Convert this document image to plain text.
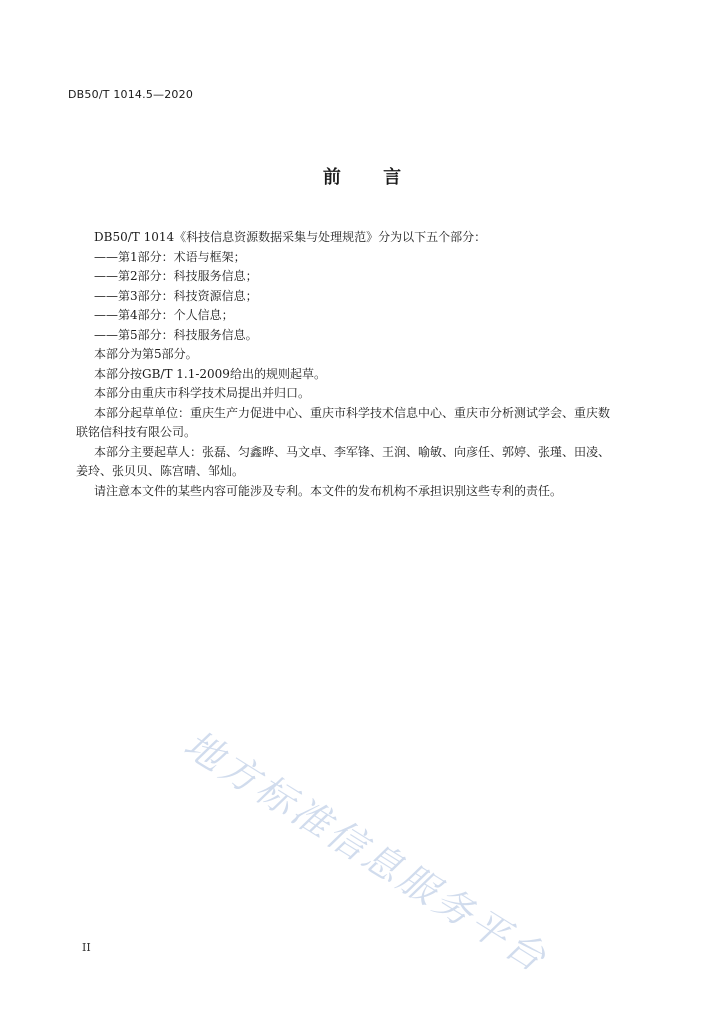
DB50/T 1014.5—2020
前 言

DB50/T 1014《科技信息资源数据采集与处理规范》分为以下五个部分：

——第1部分：术语与框架；

——第2部分：科技服务信息；

——第3部分：科技资源信息；

——第4部分：个人信息；

——第5部分：科技服务信息。

本部分为第5部分。

本部分按GB/T 1.1-2009给出的规则起草。

本部分由重庆市科学技术局提出并归口。

本部分起草单位：重庆生产力促进中心、重庆市科学技术信息中心、重庆市分析测试学会、重庆数

联铭信科技有限公司。

本部分主要起草人：张磊、匀鑫晔、马文卓、李军锋、王润、喻敏、向彦任、郭婷、张瑾、田凌、

姜玲、张贝贝、陈宫晴、邹灿。

请注意本文件的某些内容可能涉及专利。本文件的发布机构不承担识别这些专利的责任。

地方标准信息服务平台
II
